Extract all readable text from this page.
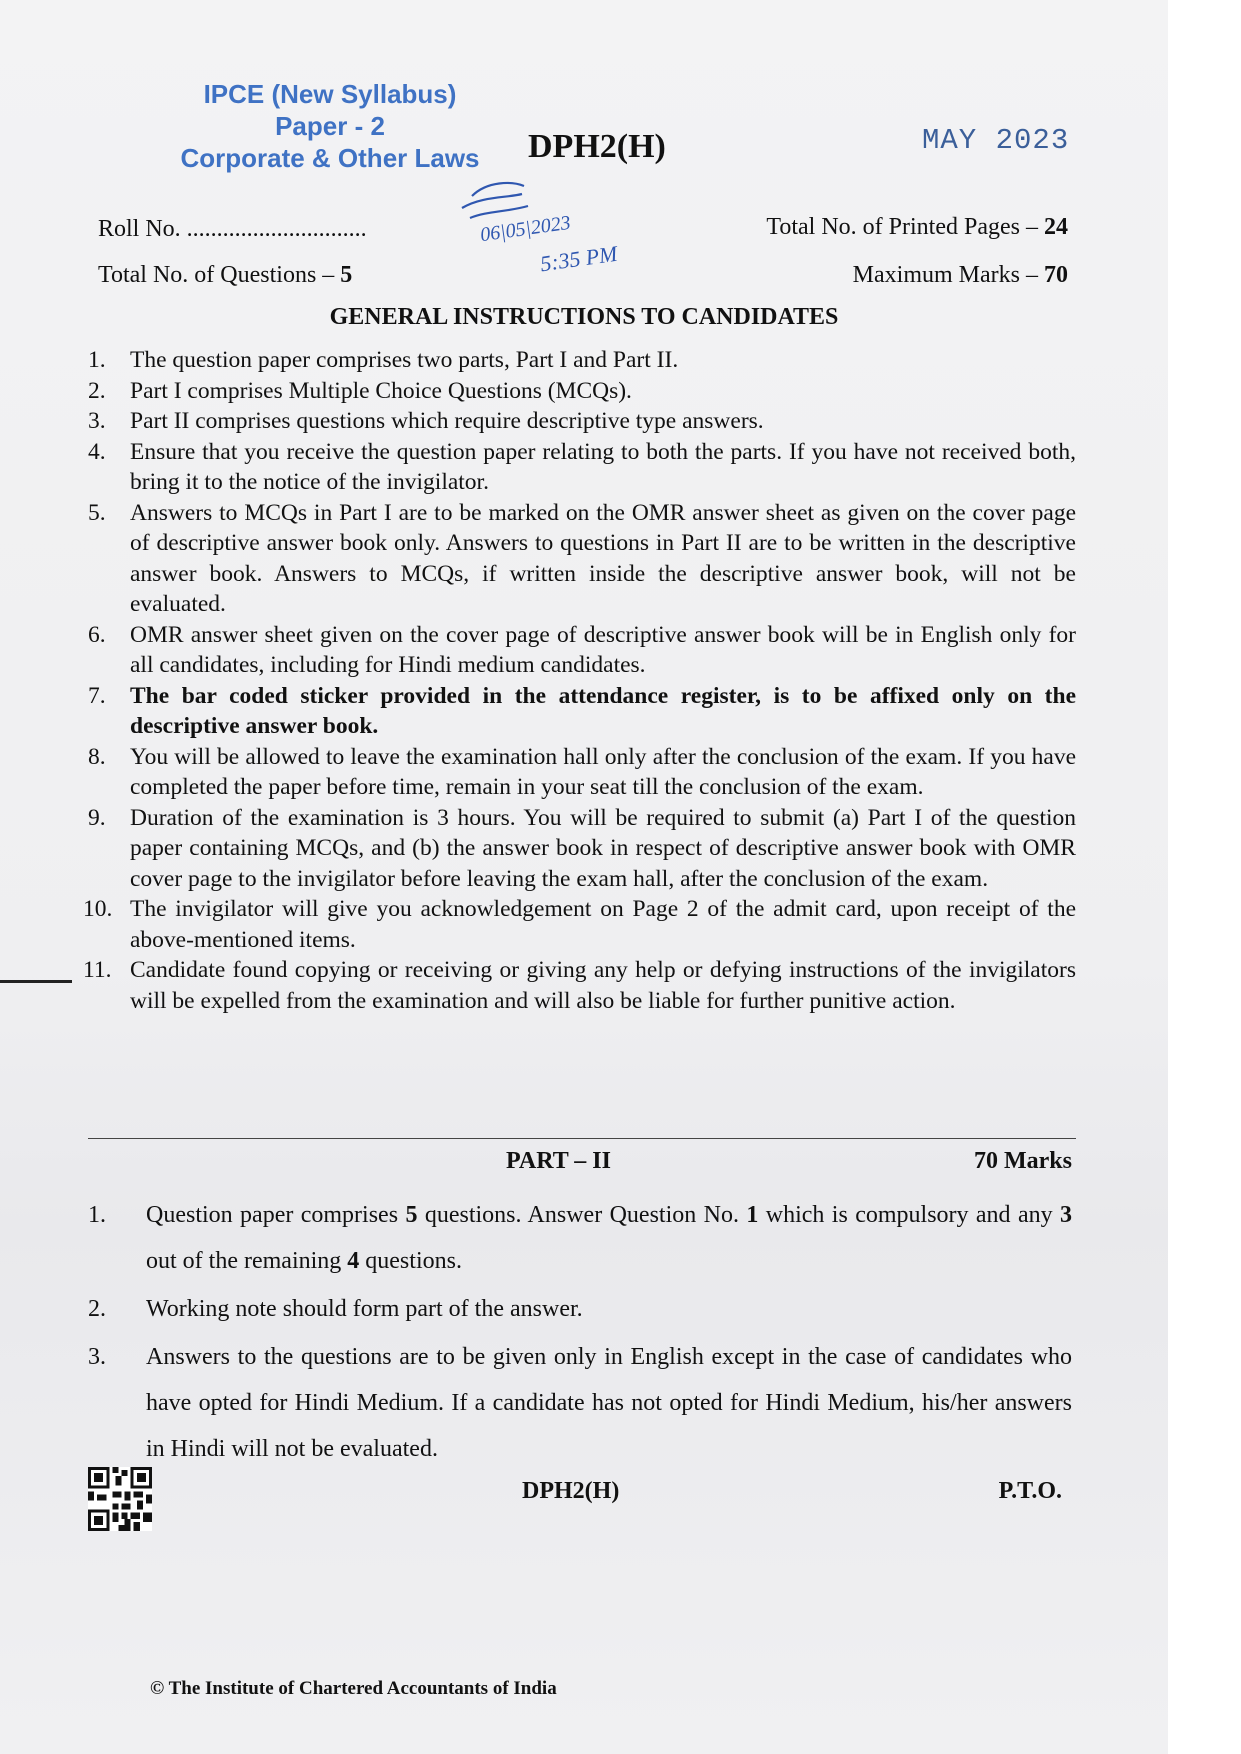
IPCE (New Syllabus)
Paper - 2
Corporate & Other Laws	DPH2(H)	MAY 2023
06|05|2023
5:35 PM
Roll No. ..............................	Total No. of Printed Pages – 24
Total No. of Questions – 5	Maximum Marks – 70
GENERAL INSTRUCTIONS TO CANDIDATES
1.	The question paper comprises two parts, Part I and Part II.
2.	Part I comprises Multiple Choice Questions (MCQs).
3.	Part II comprises questions which require descriptive type answers.
4.	Ensure that you receive the question paper relating to both the parts. If you have not received both, bring it to the notice of the invigilator.
5.	Answers to MCQs in Part I are to be marked on the OMR answer sheet as given on the cover page of descriptive answer book only. Answers to questions in Part II are to be written in the descriptive answer book. Answers to MCQs, if written inside the descriptive answer book, will not be evaluated.
6.	OMR answer sheet given on the cover page of descriptive answer book will be in English only for all candidates, including for Hindi medium candidates.
7.	The bar coded sticker provided in the attendance register, is to be affixed only on the descriptive answer book.
8.	You will be allowed to leave the examination hall only after the conclusion of the exam. If you have completed the paper before time, remain in your seat till the conclusion of the exam.
9.	Duration of the examination is 3 hours. You will be required to submit (a) Part I of the question paper containing MCQs, and (b) the answer book in respect of descriptive answer book with OMR cover page to the invigilator before leaving the exam hall, after the conclusion of the exam.
10. The invigilator will give you acknowledgement on Page 2 of the admit card, upon receipt of the above-mentioned items.
11. Candidate found copying or receiving or giving any help or defying instructions of the invigilators will be expelled from the examination and will also be liable for further punitive action.
PART – II	70 Marks
1.	Question paper comprises 5 questions. Answer Question No. 1 which is compulsory and any 3 out of the remaining 4 questions.
2.	Working note should form part of the answer.
3.	Answers to the questions are to be given only in English except in the case of candidates who have opted for Hindi Medium. If a candidate has not opted for Hindi Medium, his/her answers in Hindi will not be evaluated.
DPH2(H)	P.T.O.
© The Institute of Chartered Accountants of India
